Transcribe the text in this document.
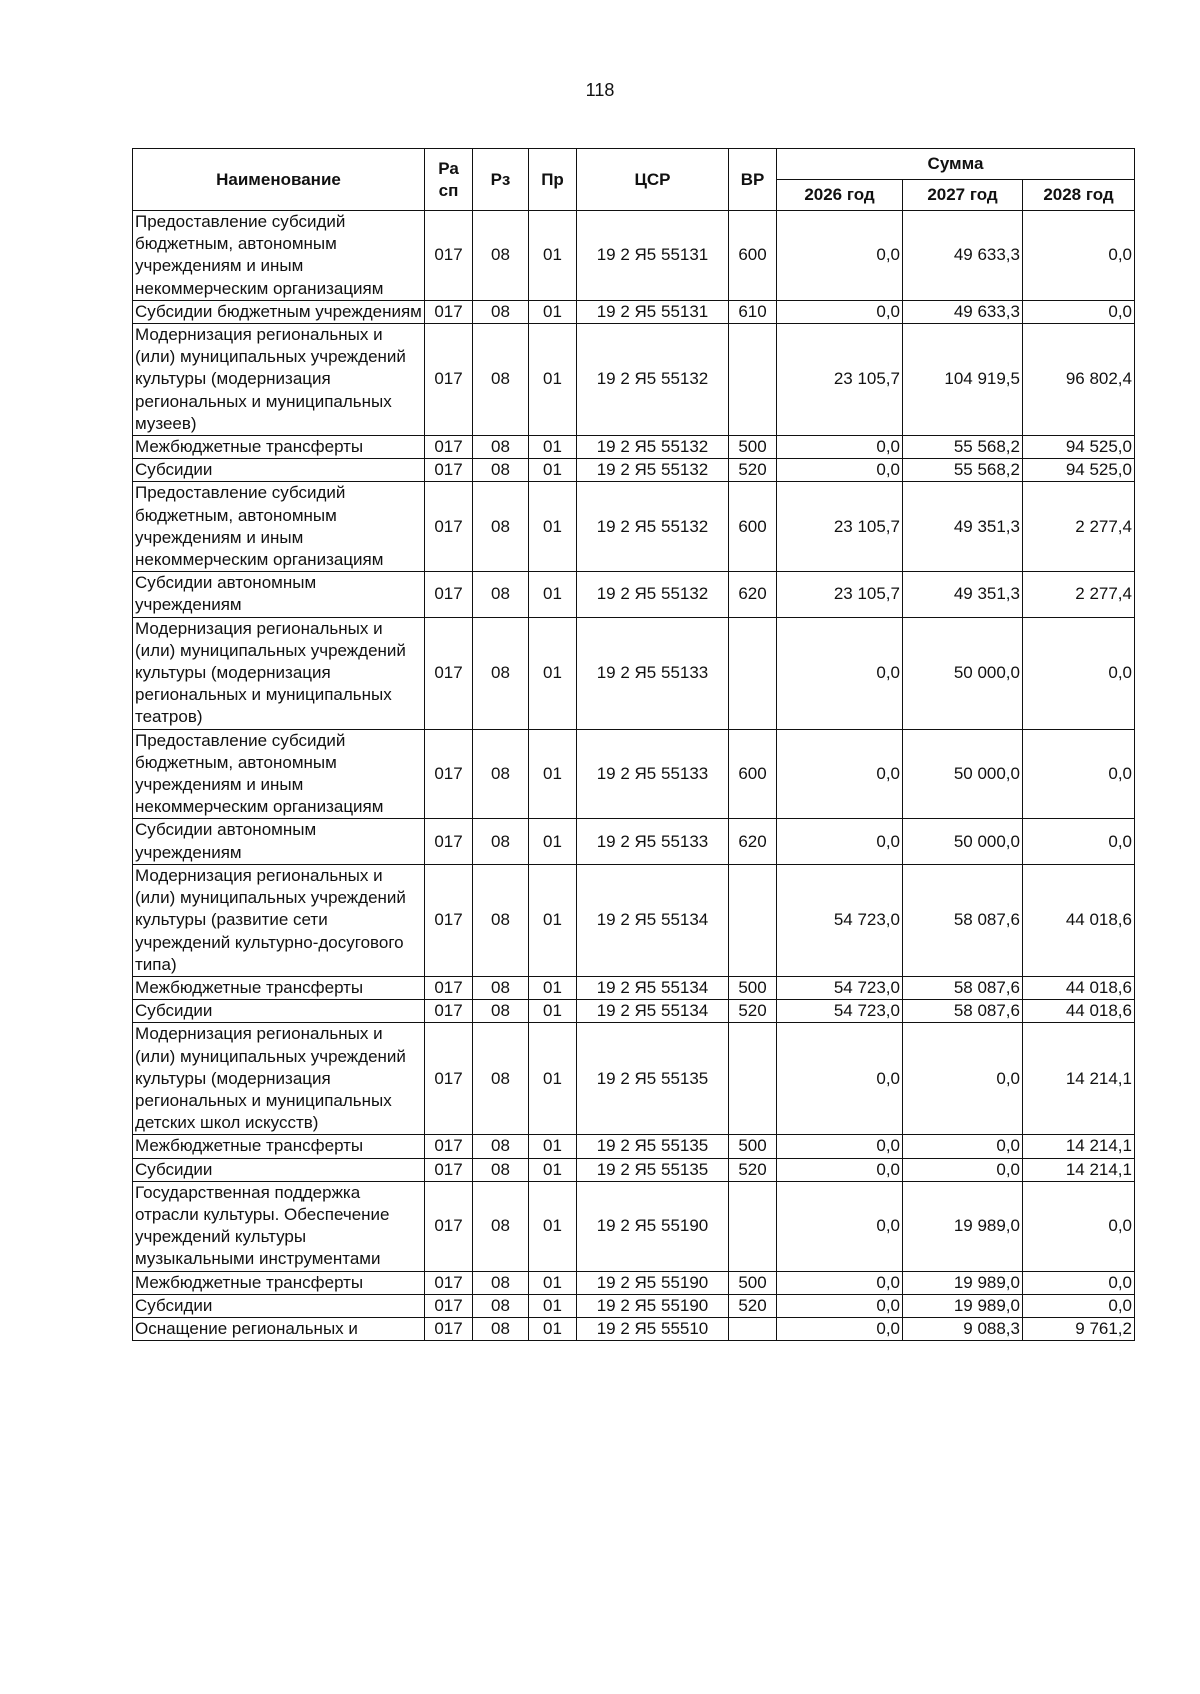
118
Наименование	Ра сп	Рз	Пр	ЦСР	ВР	Сумма		
						2026 год	2027 год	2028 год
Предоставление субсидий бюджетным, автономным учреждениям и иным некоммерческим организациям	017	08	01	19 2 Я5 55131	600	0,0	49 633,3	0,0
Субсидии бюджетным учреждениям	017	08	01	19 2 Я5 55131	610	0,0	49 633,3	0,0
Модернизация региональных и (или) муниципальных учреждений культуры (модернизация региональных и муниципальных музеев)	017	08	01	19 2 Я5 55132		23 105,7	104 919,5	96 802,4
Межбюджетные трансферты	017	08	01	19 2 Я5 55132	500	0,0	55 568,2	94 525,0
Субсидии	017	08	01	19 2 Я5 55132	520	0,0	55 568,2	94 525,0
Предоставление субсидий бюджетным, автономным учреждениям и иным некоммерческим организациям	017	08	01	19 2 Я5 55132	600	23 105,7	49 351,3	2 277,4
Субсидии автономным учреждениям	017	08	01	19 2 Я5 55132	620	23 105,7	49 351,3	2 277,4
Модернизация региональных и (или) муниципальных учреждений культуры (модернизация региональных и муниципальных театров)	017	08	01	19 2 Я5 55133		0,0	50 000,0	0,0
Предоставление субсидий бюджетным, автономным учреждениям и иным некоммерческим организациям	017	08	01	19 2 Я5 55133	600	0,0	50 000,0	0,0
Субсидии автономным учреждениям	017	08	01	19 2 Я5 55133	620	0,0	50 000,0	0,0
Модернизация региональных и (или) муниципальных учреждений культуры (развитие сети учреждений культурно-досугового типа)	017	08	01	19 2 Я5 55134		54 723,0	58 087,6	44 018,6
Межбюджетные трансферты	017	08	01	19 2 Я5 55134	500	54 723,0	58 087,6	44 018,6
Субсидии	017	08	01	19 2 Я5 55134	520	54 723,0	58 087,6	44 018,6
Модернизация региональных и (или) муниципальных учреждений культуры (модернизация региональных и муниципальных детских школ искусств)	017	08	01	19 2 Я5 55135		0,0	0,0	14 214,1
Межбюджетные трансферты	017	08	01	19 2 Я5 55135	500	0,0	0,0	14 214,1
Субсидии	017	08	01	19 2 Я5 55135	520	0,0	0,0	14 214,1
Государственная поддержка отрасли культуры. Обеспечение учреждений культуры музыкальными инструментами	017	08	01	19 2 Я5 55190		0,0	19 989,0	0,0
Межбюджетные трансферты	017	08	01	19 2 Я5 55190	500	0,0	19 989,0	0,0
Субсидии	017	08	01	19 2 Я5 55190	520	0,0	19 989,0	0,0
Оснащение региональных и	017	08	01	19 2 Я5 55510		0,0	9 088,3	9 761,2
